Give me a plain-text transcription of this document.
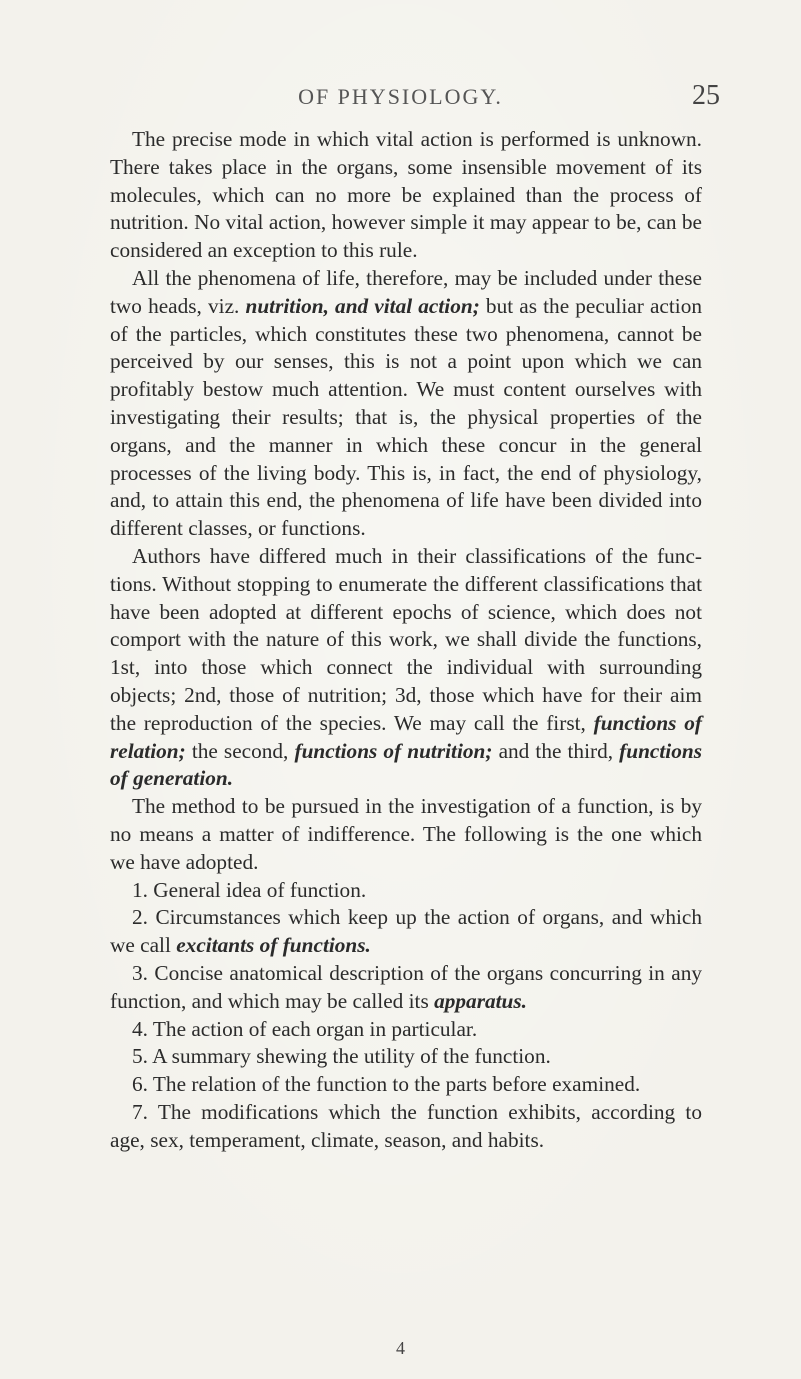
OF PHYSIOLOGY.	25

The precise mode in which vital action is performed is unknown. There takes place in the organs, some insensible movement of its molecules, which can no more be explained than the process of nutrition. No vital action, however simple it may appear to be, can be considered an exception to this rule.

All the phenomena of life, therefore, may be included under these two heads, viz. nutrition, and vital action; but as the peculiar action of the particles, which constitutes these two phenomena, cannot be perceived by our senses, this is not a point upon which we can profitably bestow much attention. We must content ourselves with investigating their results; that is, the physical properties of the organs, and the manner in which these concur in the general processes of the living body. This is, in fact, the end of physiology, and, to attain this end, the phenomena of life have been divided into different classes, or functions.

Authors have differed much in their classifications of the functions. Without stopping to enumerate the different classifications that have been adopted at different epochs of science, which does not comport with the nature of this work, we shall divide the functions, 1st, into those which connect the individual with surrounding objects; 2nd, those of nutrition; 3d, those which have for their aim the reproduction of the species. We may call the first, functions of relation; the second, functions of nutrition; and the third, functions of generation.

The method to be pursued in the investigation of a function, is by no means a matter of indifference. The following is the one which we have adopted.

1. General idea of function.

2. Circumstances which keep up the action of organs, and which we call excitants of functions.

3. Concise anatomical description of the organs concurring in any function, and which may be called its apparatus.

4. The action of each organ in particular.

5. A summary shewing the utility of the function.

6. The relation of the function to the parts before examined.

7. The modifications which the function exhibits, according to age, sex, temperament, climate, season, and habits.

4
